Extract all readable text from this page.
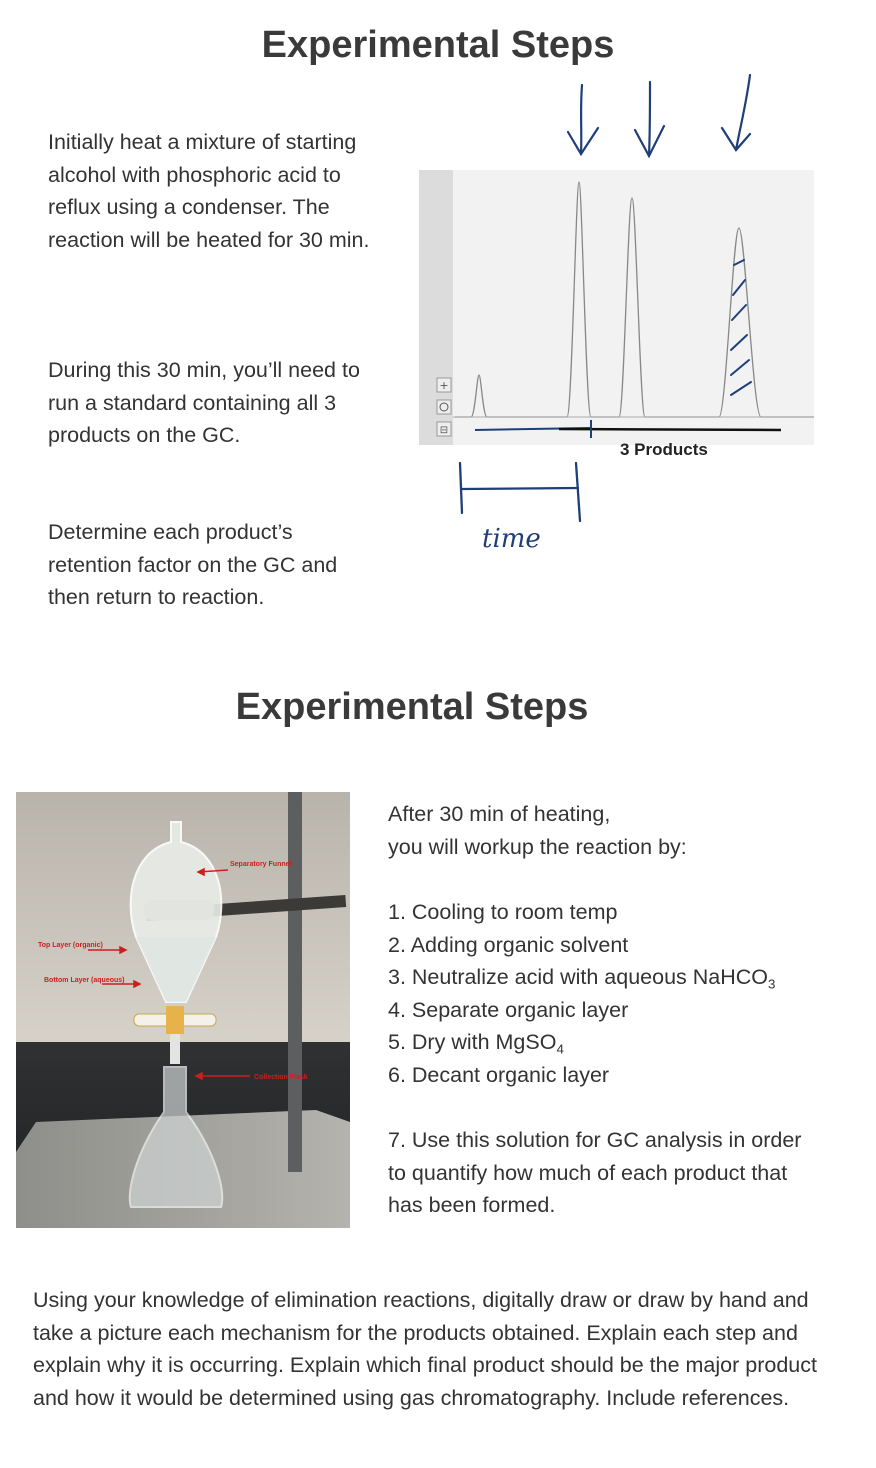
Experimental Steps

Initially heat a mixture of starting alcohol with phosphoric acid to reflux using a condenser. The reaction will be heated for 30 min.

During this 30 min, you’ll need to run a standard containing all 3 products on the GC.

Determine each product’s retention factor on the GC and then return to reaction.

+
⊟
3 Products
time
Experimental Steps
Separatory Funnel
Top Layer (organic)
Bottom Layer (aqueous)
Collection Flask

After 30 min of heating,
you will workup the reaction by:

1. Cooling to room temp
2. Adding organic solvent
3. Neutralize acid with aqueous NaHCO$_3$
4. Separate organic layer
5. Dry with MgSO$_4$
6. Decant organic layer

7. Use this solution for GC analysis in order to quantify how much of each product that has been formed.

Using your knowledge of elimination reactions, digitally draw or draw by hand and take a picture each mechanism for the products obtained. Explain each step and explain why it is occurring. Explain which final product should be the major product and how it would be determined using gas chromatography. Include references.
